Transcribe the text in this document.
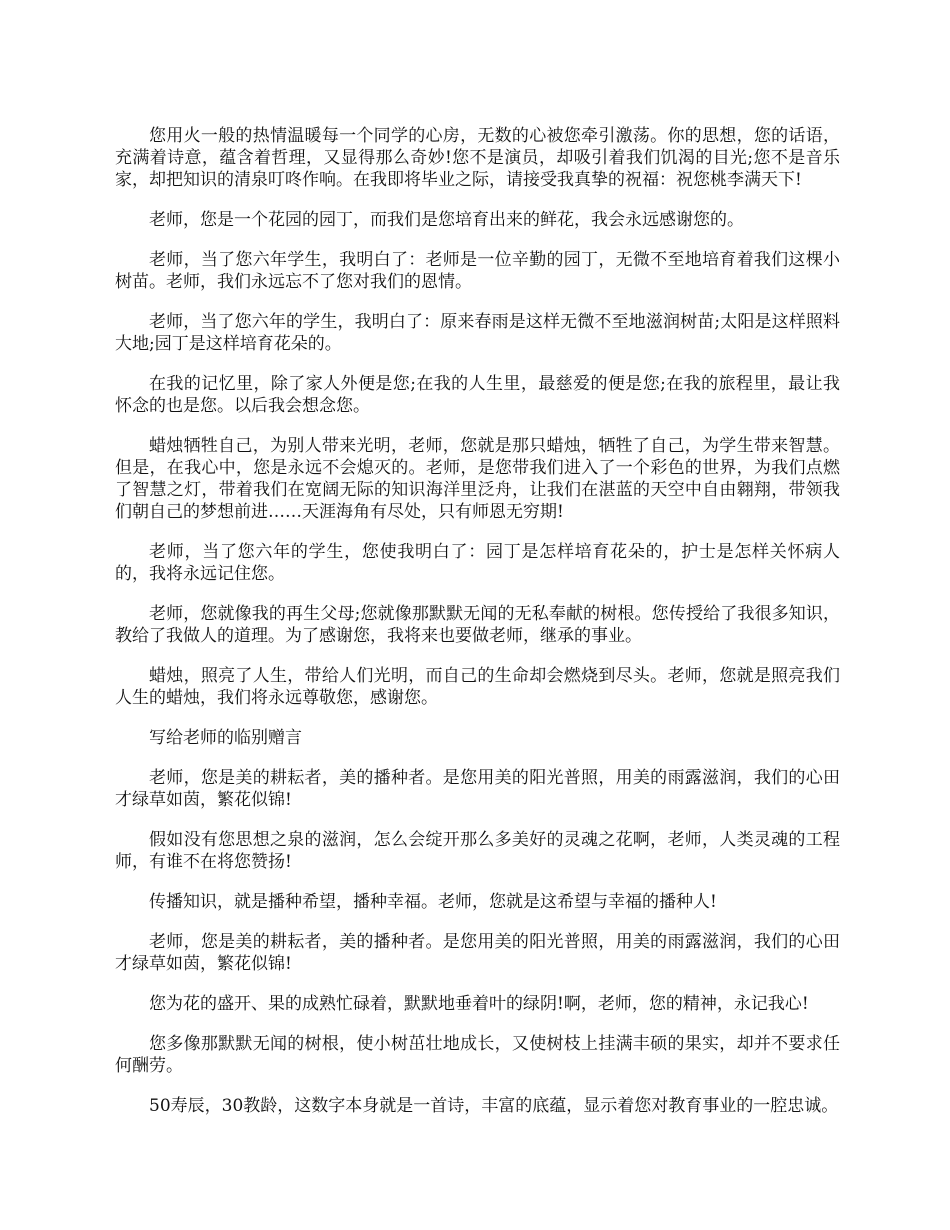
您用火一般的热情温暖每一个同学的心房，无数的心被您牵引激荡。你的思想，您的话语，充满着诗意，蕴含着哲理，又显得那么奇妙!您不是演员，却吸引着我们饥渴的目光;您不是音乐家，却把知识的清泉叮咚作响。在我即将毕业之际，请接受我真挚的祝福：祝您桃李满天下!

老师，您是一个花园的园丁，而我们是您培育出来的鲜花，我会永远感谢您的。

老师，当了您六年学生，我明白了：老师是一位辛勤的园丁，无微不至地培育着我们这棵小树苗。老师，我们永远忘不了您对我们的恩情。

老师，当了您六年的学生，我明白了：原来春雨是这样无微不至地滋润树苗;太阳是这样照料大地;园丁是这样培育花朵的。

在我的记忆里，除了家人外便是您;在我的人生里，最慈爱的便是您;在我的旅程里，最让我怀念的也是您。以后我会想念您。

蜡烛牺牲自己，为别人带来光明，老师，您就是那只蜡烛，牺牲了自己，为学生带来智慧。但是，在我心中，您是永远不会熄灭的。老师，是您带我们进入了一个彩色的世界，为我们点燃了智慧之灯，带着我们在宽阔无际的知识海洋里泛舟，让我们在湛蓝的天空中自由翱翔，带领我们朝自己的梦想前进……天涯海角有尽处，只有师恩无穷期!

老师，当了您六年的学生，您使我明白了：园丁是怎样培育花朵的，护士是怎样关怀病人的，我将永远记住您。

老师，您就像我的再生父母;您就像那默默无闻的无私奉献的树根。您传授给了我很多知识，教给了我做人的道理。为了感谢您，我将来也要做老师，继承的事业。

蜡烛，照亮了人生，带给人们光明，而自己的生命却会燃烧到尽头。老师，您就是照亮我们人生的蜡烛，我们将永远尊敬您，感谢您。

写给老师的临别赠言

老师，您是美的耕耘者，美的播种者。是您用美的阳光普照，用美的雨露滋润，我们的心田才绿草如茵，繁花似锦!

假如没有您思想之泉的滋润，怎么会绽开那么多美好的灵魂之花啊，老师，人类灵魂的工程师，有谁不在将您赞扬!

传播知识，就是播种希望，播种幸福。老师，您就是这希望与幸福的播种人!

老师，您是美的耕耘者，美的播种者。是您用美的阳光普照，用美的雨露滋润，我们的心田才绿草如茵，繁花似锦!

您为花的盛开、果的成熟忙碌着，默默地垂着叶的绿阴!啊，老师，您的精神，永记我心!

您多像那默默无闻的树根，使小树茁壮地成长，又使树枝上挂满丰硕的果实，却并不要求任何酬劳。

50寿辰，30教龄，这数字本身就是一首诗，丰富的底蕴，显示着您对教育事业的一腔忠诚。
